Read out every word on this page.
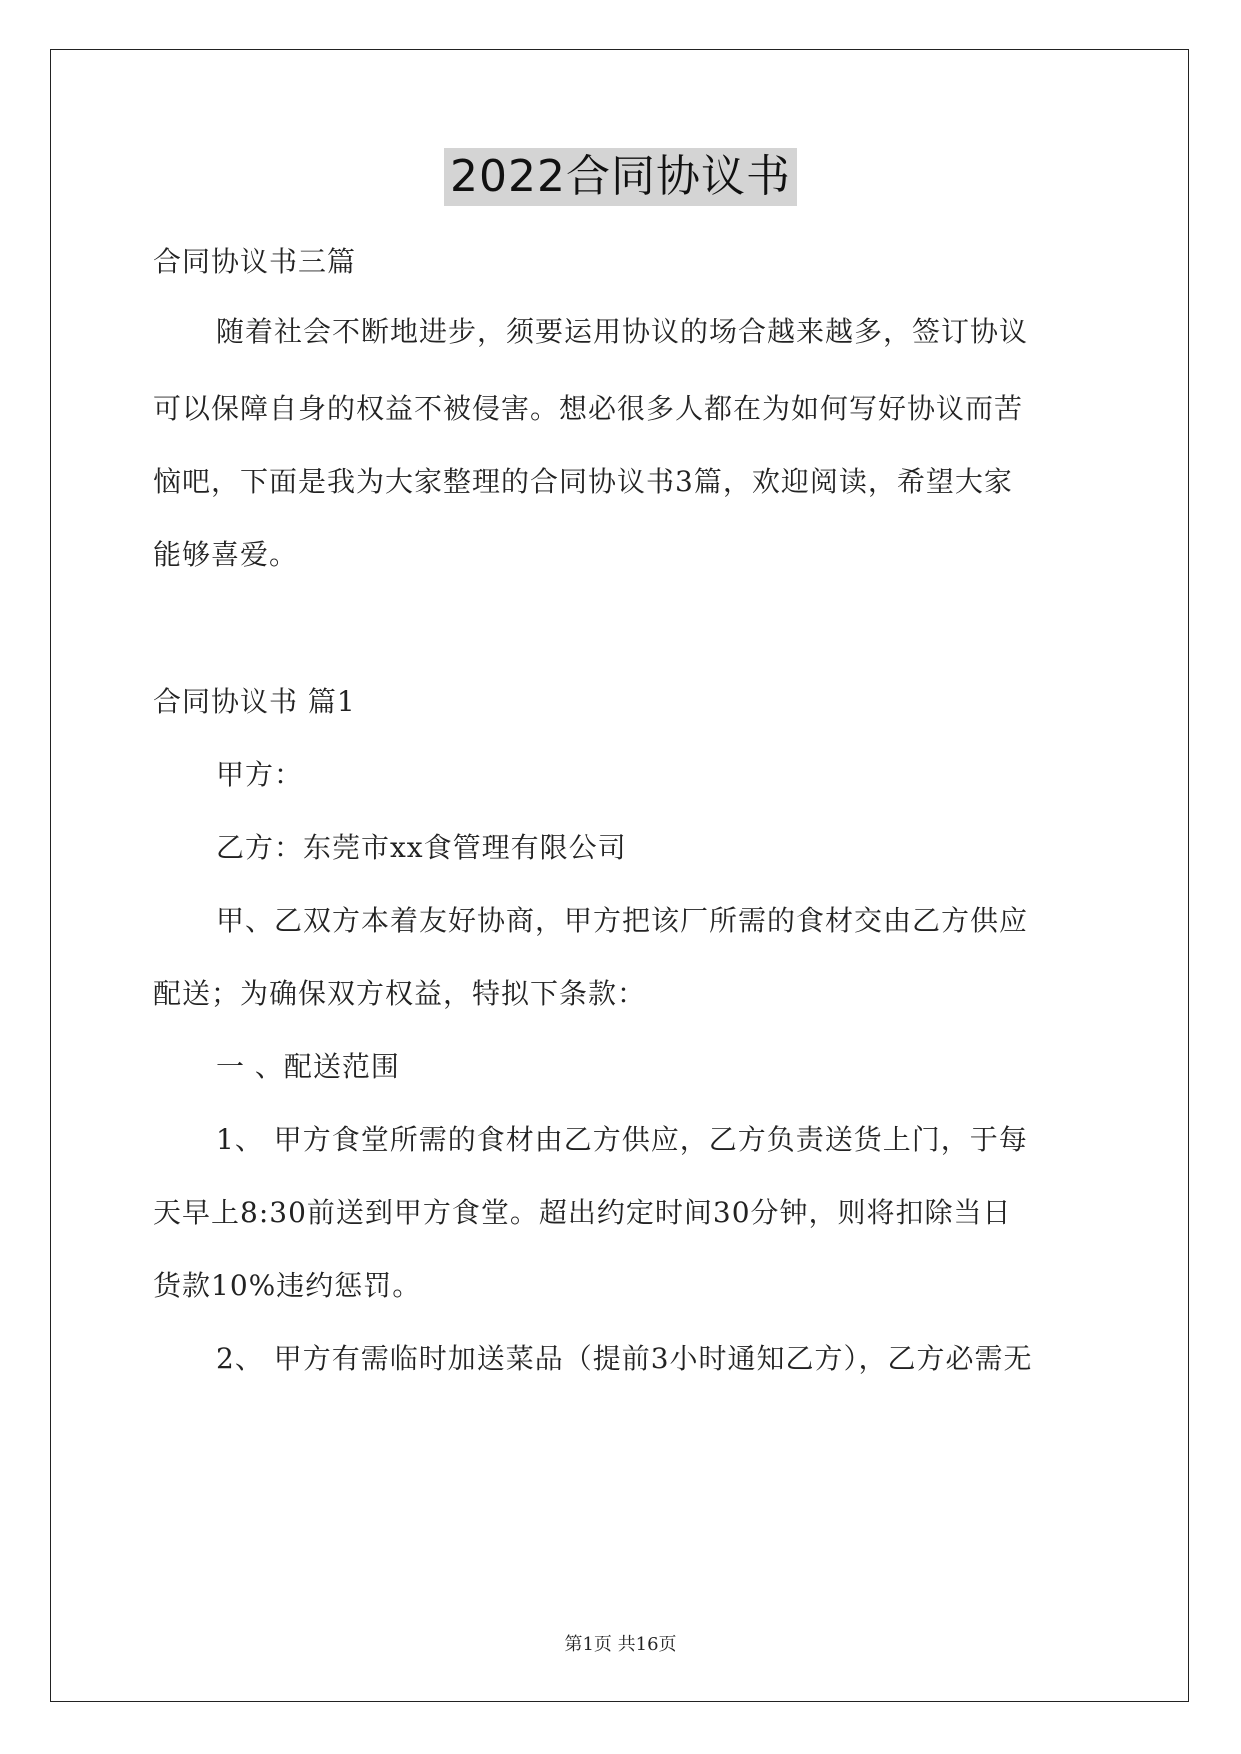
2022合同协议书
合同协议书三篇
随着社会不断地进步，须要运用协议的场合越来越多，签订协议
可以保障自身的权益不被侵害。想必很多人都在为如何写好协议而苦
恼吧，下面是我为大家整理的合同协议书3篇，欢迎阅读，希望大家
能够喜爱。
合同协议书 篇1
甲方：
乙方：东莞市xx食管理有限公司
甲、乙双方本着友好协商，甲方把该厂所需的食材交由乙方供应
配送；为确保双方权益，特拟下条款：
一 、配送范围
1、 甲方食堂所需的食材由乙方供应，乙方负责送货上门，于每
天早上8:30前送到甲方食堂。超出约定时间30分钟，则将扣除当日
货款10%违约惩罚。
2、 甲方有需临时加送菜品（提前3小时通知乙方），乙方必需无
第1页 共16页
